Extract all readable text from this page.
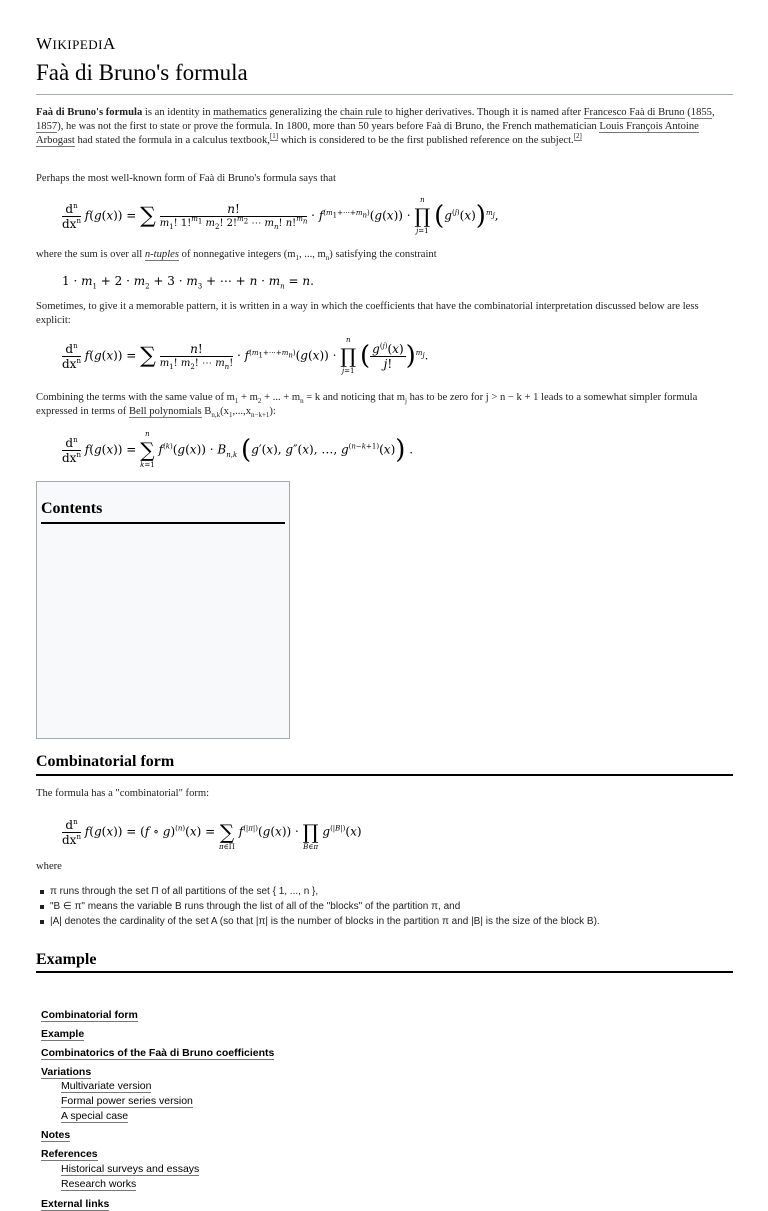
WIKIPEDIA
Faà di Bruno's formula

Faà di Bruno's formula is an identity in mathematics generalizing the chain rule to higher derivatives. Though it is named after Francesco Faà di Bruno (1855, 1857), he was not the first to state or prove the formula. In 1800, more than 50 years before Faà di Bruno, the French mathematician Louis François Antoine Arbogast had stated the formula in a calculus textbook,[1] which is considered to be the first published reference on the subject.[2]

Perhaps the most well-known form of Faà di Bruno's formula says that

$\frac{d^n}{dx^n} f(g(x))$ = ∑ $\frac{n!}{m_1! 1!^{m_1} m_2! 2!^{m_2} \cdots m_n! n!^{m_n}} \cdot f^{(m_1+\cdots+m_n)}(g(x))$ ·
n
∏
j=1 $(g^{(j)}(x))^{m_j}$,

where the sum is over all n-tuples of nonnegative integers ($m_1$, ..., $m_n$) satisfying the constraint

$1 \cdot m_1 + 2 \cdot m_2 + 3 \cdot m_3$ + ⋯ + $n \cdot m_n = n$.

Sometimes, to give it a memorable pattern, it is written in a way in which the coefficients that have the combinatorial interpretation discussed below are less explicit:

$\frac{d^n}{dx^n} f(g(x))$ = ∑ $\frac{n!}{m_1! m_2! \cdots m_n!} \cdot f^{(m_1+\cdots+m_n)}(g(x))$ ·
n
∏
j=1 ( $\frac{g^{(j)}(x)}{j!} )^{m_j}$.

Combining the terms with the same value of $m_1 + m_2$ + ... + $m_n = k$ and noticing that $m_j$ has to be zero for j > n − k + 1 leads to a somewhat simpler formula expressed in terms of Bell polynomials $B_{n,k}(x_1,...,x_{n-k+1})$:

$\frac{d^n}{dx^n} f(g(x))$ =
n
∑
k=1
$f^{(k)}(g(x)) \cdot B_{n,k}$ (g′(x), g″(x), …, $g^{(n-k+1)}(x)$) .
Contents
Combinatorial form
Example
Combinatorics of the Faà di Bruno coefficients
Variations
Multivariate version
Formal power series version
A special case
Notes
References
Historical surveys and essays
Research works
External links
Combinatorial form

The formula has a "combinatorial" form:

$\frac{d^n}{dx^n} f(g(x)) = (f$ ∘ g)$^{(n)}$(x) =
∑
π∈Π
$f^{(|\pi|)}(g(x))$ ·
∏
B∈π
$g^{(|B|)}(x)$

where

π runs through the set Π of all partitions of the set { 1, ..., n },
"B ∈ π" means the variable B runs through the list of all of the "blocks" of the partition π, and
|A| denotes the cardinality of the set A (so that |π| is the number of blocks in the partition π and |B| is the size of the block B).
Example
